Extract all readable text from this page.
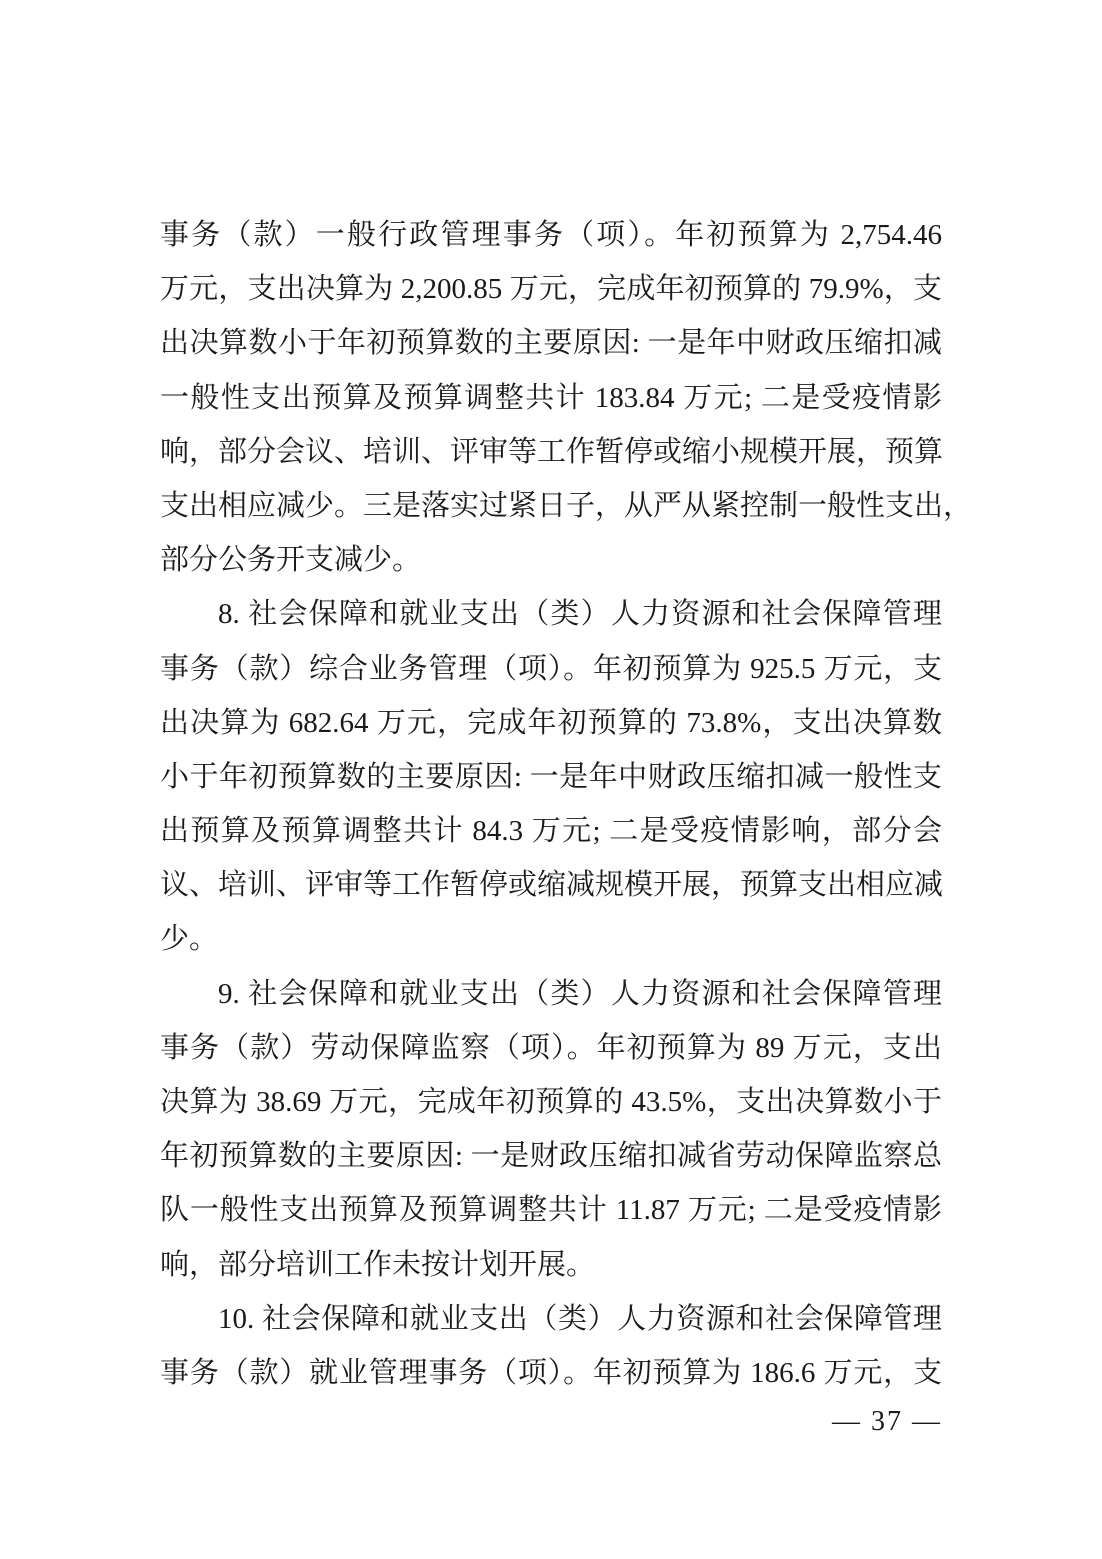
事务（款）一般行政管理事务（项）。年初预算为 2,754.46
万元，支出决算为 2,200.85 万元，完成年初预算的 79.9%，支
出决算数小于年初预算数的主要原因: 一是年中财政压缩扣减
一般性支出预算及预算调整共计 183.84 万元; 二是受疫情影
响，部分会议、培训、评审等工作暂停或缩小规模开展，预算
支出相应减少。三是落实过紧日子，从严从紧控制一般性支出，
部分公务开支减少。
8. 社会保障和就业支出（类）人力资源和社会保障管理
事务（款）综合业务管理（项）。年初预算为 925.5 万元，支
出决算为 682.64 万元，完成年初预算的 73.8%，支出决算数
小于年初预算数的主要原因: 一是年中财政压缩扣减一般性支
出预算及预算调整共计 84.3 万元; 二是受疫情影响，部分会
议、培训、评审等工作暂停或缩减规模开展，预算支出相应减
少。
9. 社会保障和就业支出（类）人力资源和社会保障管理
事务（款）劳动保障监察（项）。年初预算为 89 万元，支出
决算为 38.69 万元，完成年初预算的 43.5%，支出决算数小于
年初预算数的主要原因: 一是财政压缩扣减省劳动保障监察总
队一般性支出预算及预算调整共计 11.87 万元; 二是受疫情影
响，部分培训工作未按计划开展。
10. 社会保障和就业支出（类）人力资源和社会保障管理
事务（款）就业管理事务（项）。年初预算为 186.6 万元，支
— 37 —
